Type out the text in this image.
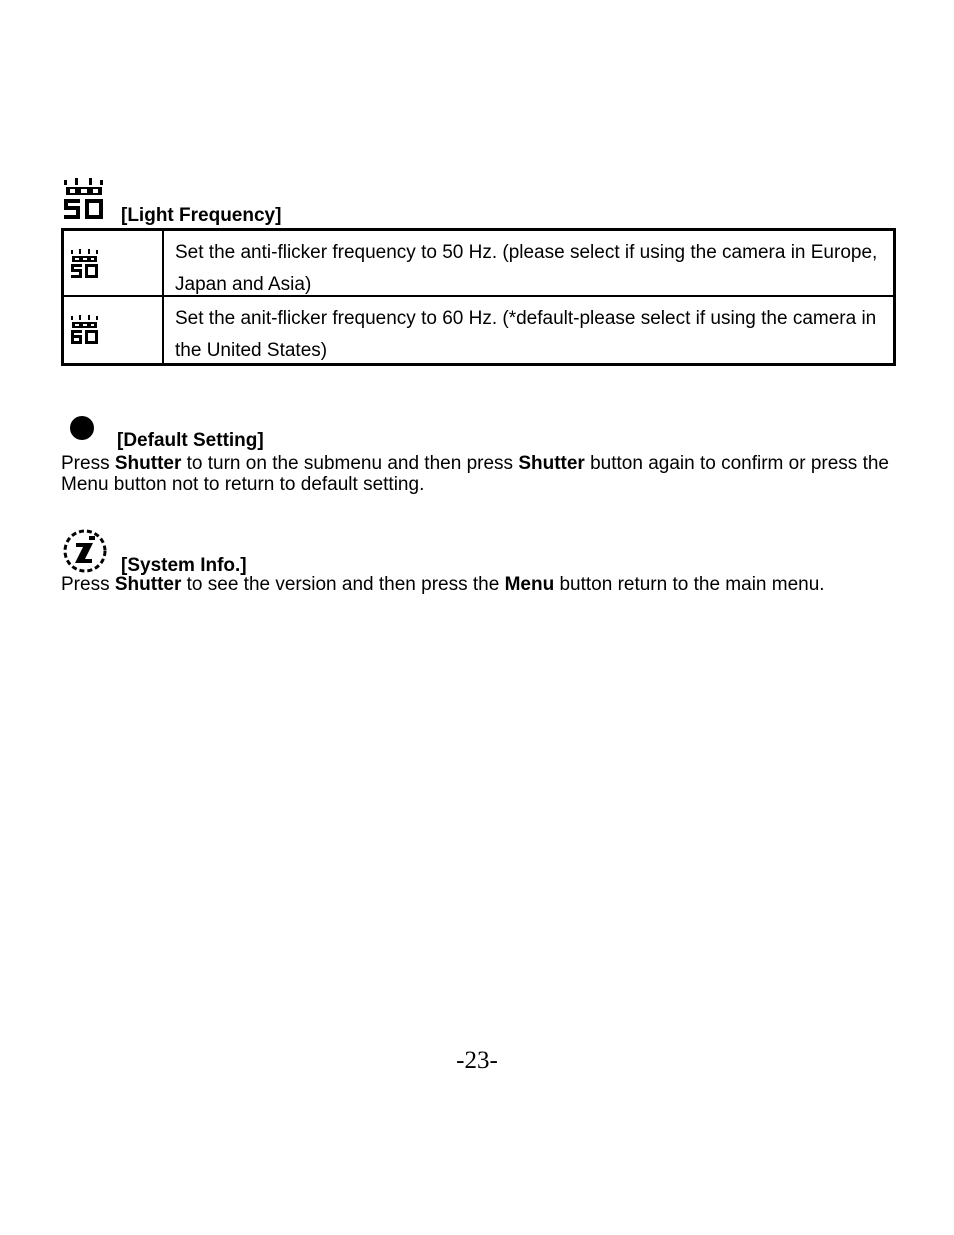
[Light Frequency]
Set the anti-flicker frequency to 50 Hz. (please select if using the camera in Europe, Japan and Asia)
Set the anit-flicker frequency to 60 Hz. (*default-please select if using the camera in the United States)
[Default Setting]
Press Shutter to turn on the submenu and then press Shutter button again to confirm or press the Menu button not to return to default setting.
[System Info.]
Press Shutter to see the version and then press the Menu button return to the main menu.
-23-
